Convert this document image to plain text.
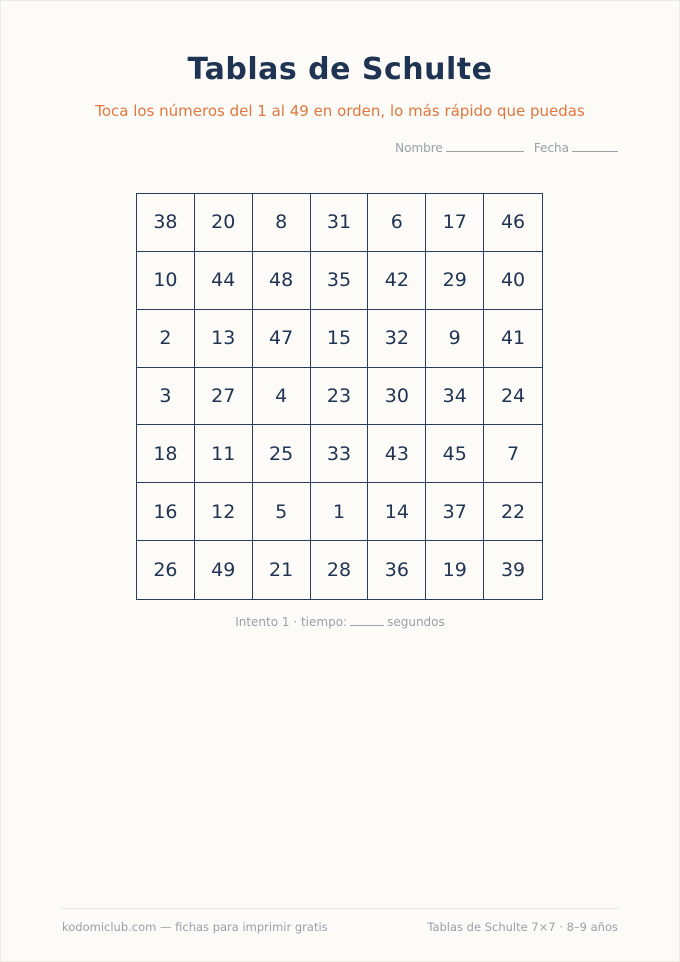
Tablas de Schulte
Toca los números del 1 al 49 en orden, lo más rápido que puedas
Nombre	Fecha
38	20	8	31	6	17	46
10	44	48	35	42	29	40
2	13	47	15	32	9	41
3	27	4	23	30	34	24
18	11	25	33	43	45	7
16	12	5	1	14	37	22
26	49	21	28	36	19	39
Intento 1 · tiempo:	segundos
kodomiclub.com — fichas para imprimir gratis	Tablas de Schulte 7×7 · 8–9 años
